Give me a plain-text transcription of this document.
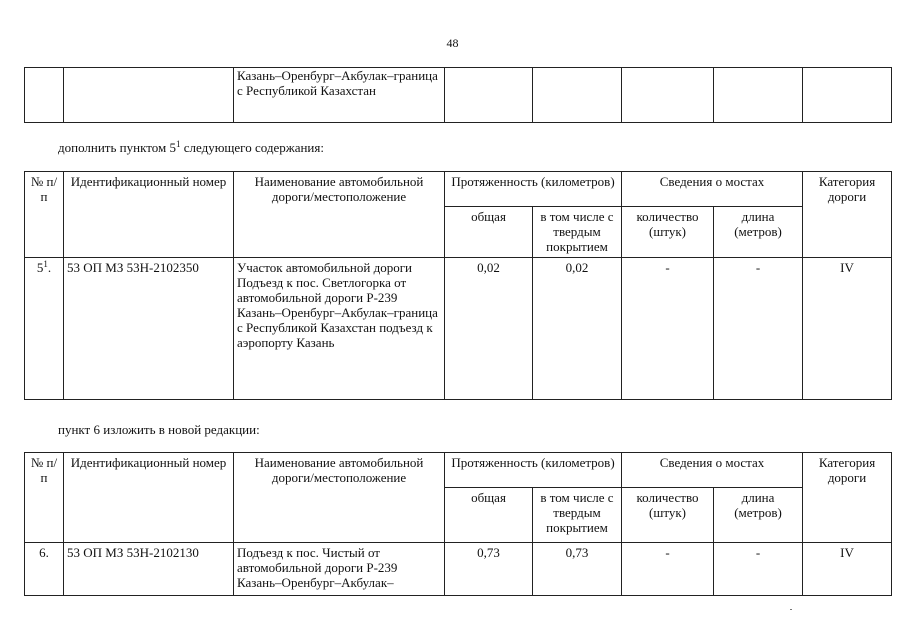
48
		Казань–Оренбург–Акбулак–граница с Республикой Казахстан					
дополнить пунктом $5^1$ следующего содержания:
№ п/п	Идентификационный номер	Наименование автомобильной дороги/местоположение	Протяженность (километров)		Сведения о мостах		Категория дороги
			общая	в том числе с твердым покрытием	количество (штук)	длина (метров)	
$5^1$.	53 ОП МЗ 53Н-2102350	Участок автомобильной дороги Подъезд к пос. Светлогорка от автомобильной дороги Р-239 Казань–Оренбург–Акбулак–граница с Республикой Казахстан подъезд к аэропорту Казань	0,02	0,02	-	-	IV
пункт 6 изложить в новой редакции:
№ п/п	Идентификационный номер	Наименование автомобильной дороги/местоположение	Протяженность (километров)		Сведения о мостах		Категория дороги
			общая	в том числе с твердым покрытием	количество (штук)	длина (метров)	
6.	53 ОП МЗ 53Н-2102130	Подъезд к пос. Чистый от автомобильной дороги Р-239 Казань–Оренбург–Акбулак–	0,73	0,73	-	-	IV
